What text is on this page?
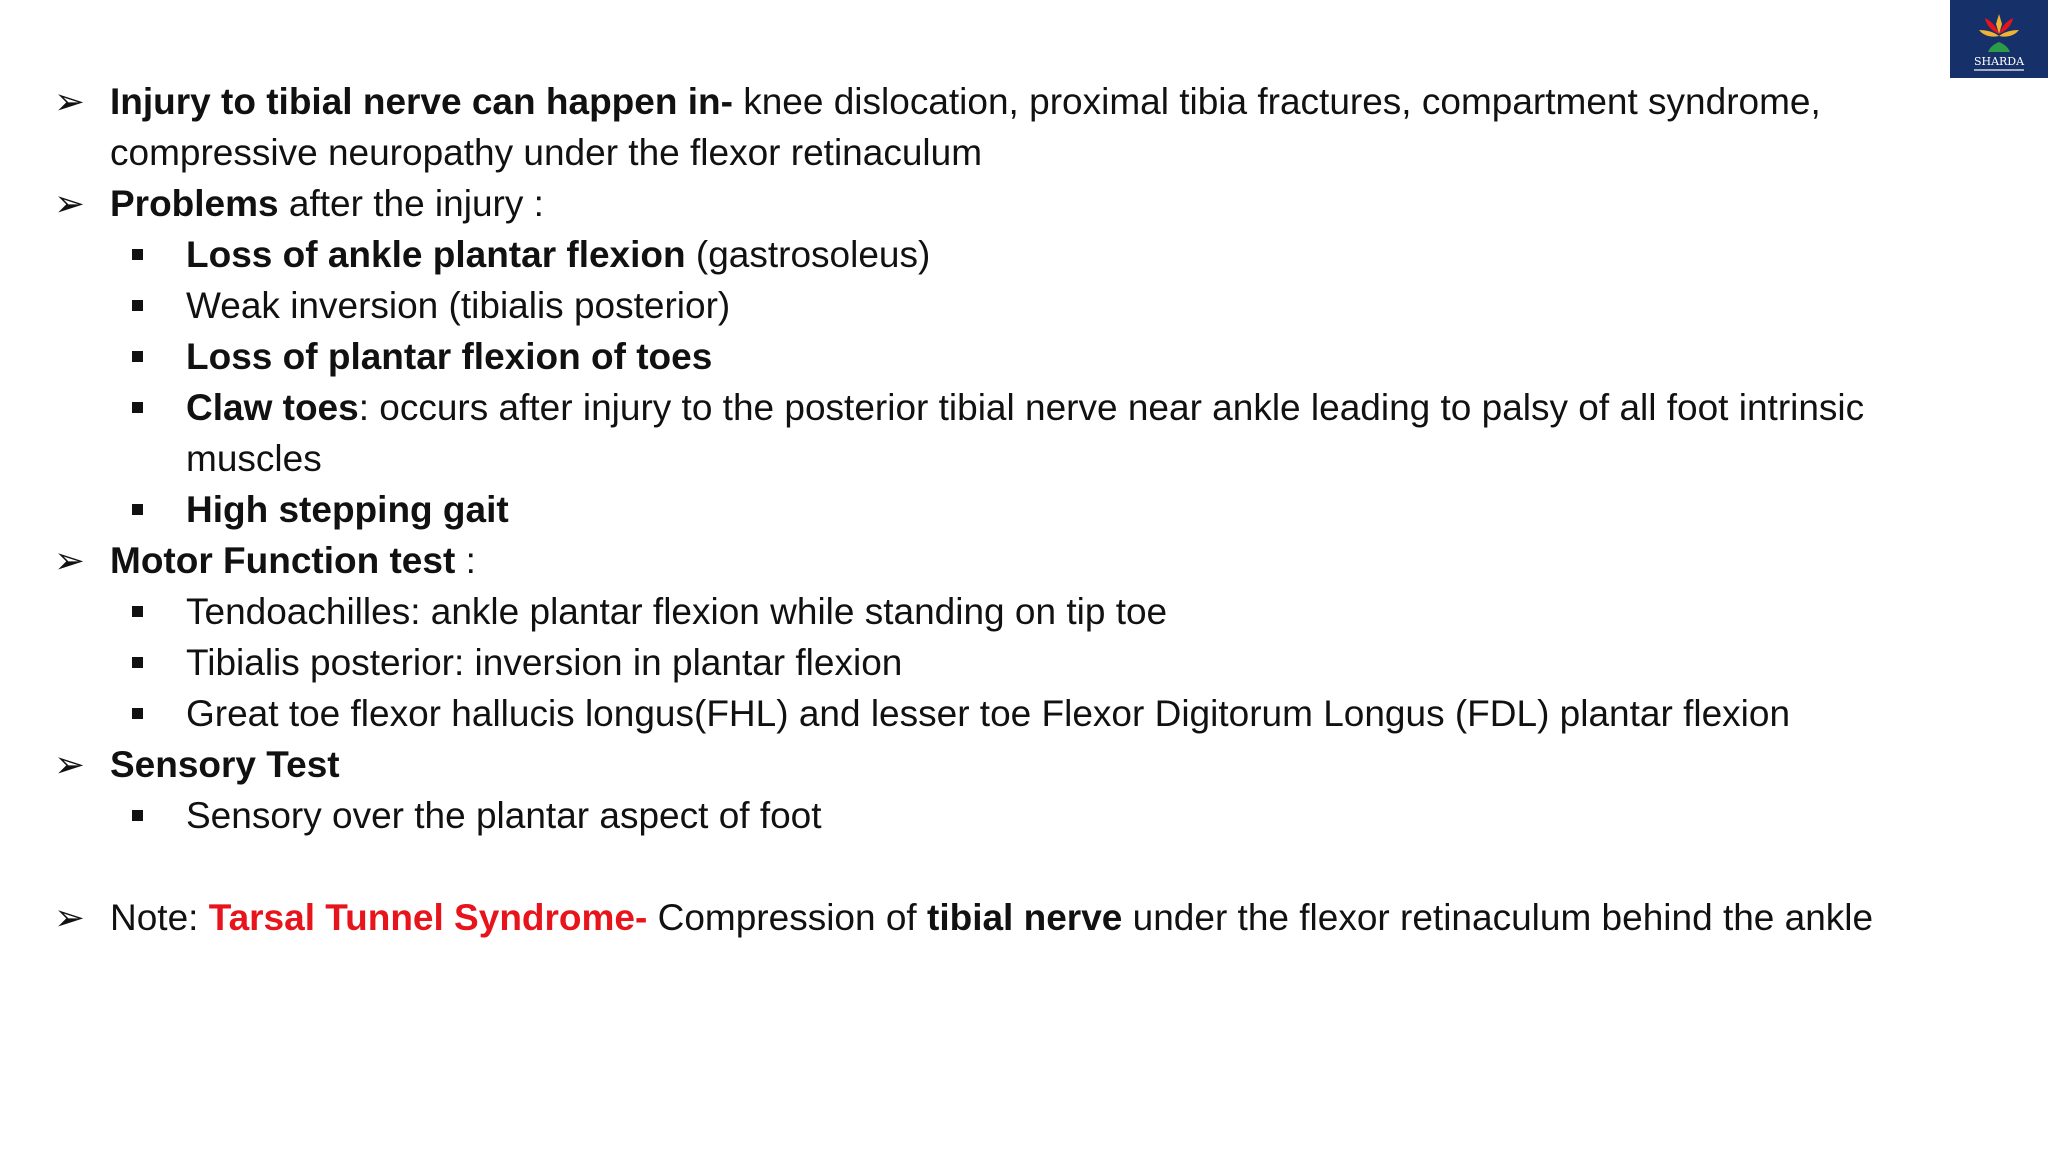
SHARDA
➢ Injury to tibial nerve can happen in- knee dislocation, proximal tibia fractures, compartment syndrome,
compressive neuropathy under the flexor retinaculum
➢ Problems after the injury :
Loss of ankle plantar flexion (gastrosoleus)
Weak inversion (tibialis posterior)
Loss of plantar flexion of toes
Claw toes: occurs after injury to the posterior tibial nerve near ankle leading to palsy of all foot intrinsic
muscles
High stepping gait
➢ Motor Function test :
Tendoachilles: ankle plantar flexion while standing on tip toe
Tibialis posterior: inversion in plantar flexion
Great toe flexor hallucis longus(FHL) and lesser toe Flexor Digitorum Longus (FDL) plantar flexion
➢ Sensory Test
Sensory over the plantar aspect of foot
➢ Note: Tarsal Tunnel Syndrome- Compression of tibial nerve under the flexor retinaculum behind the ankle
